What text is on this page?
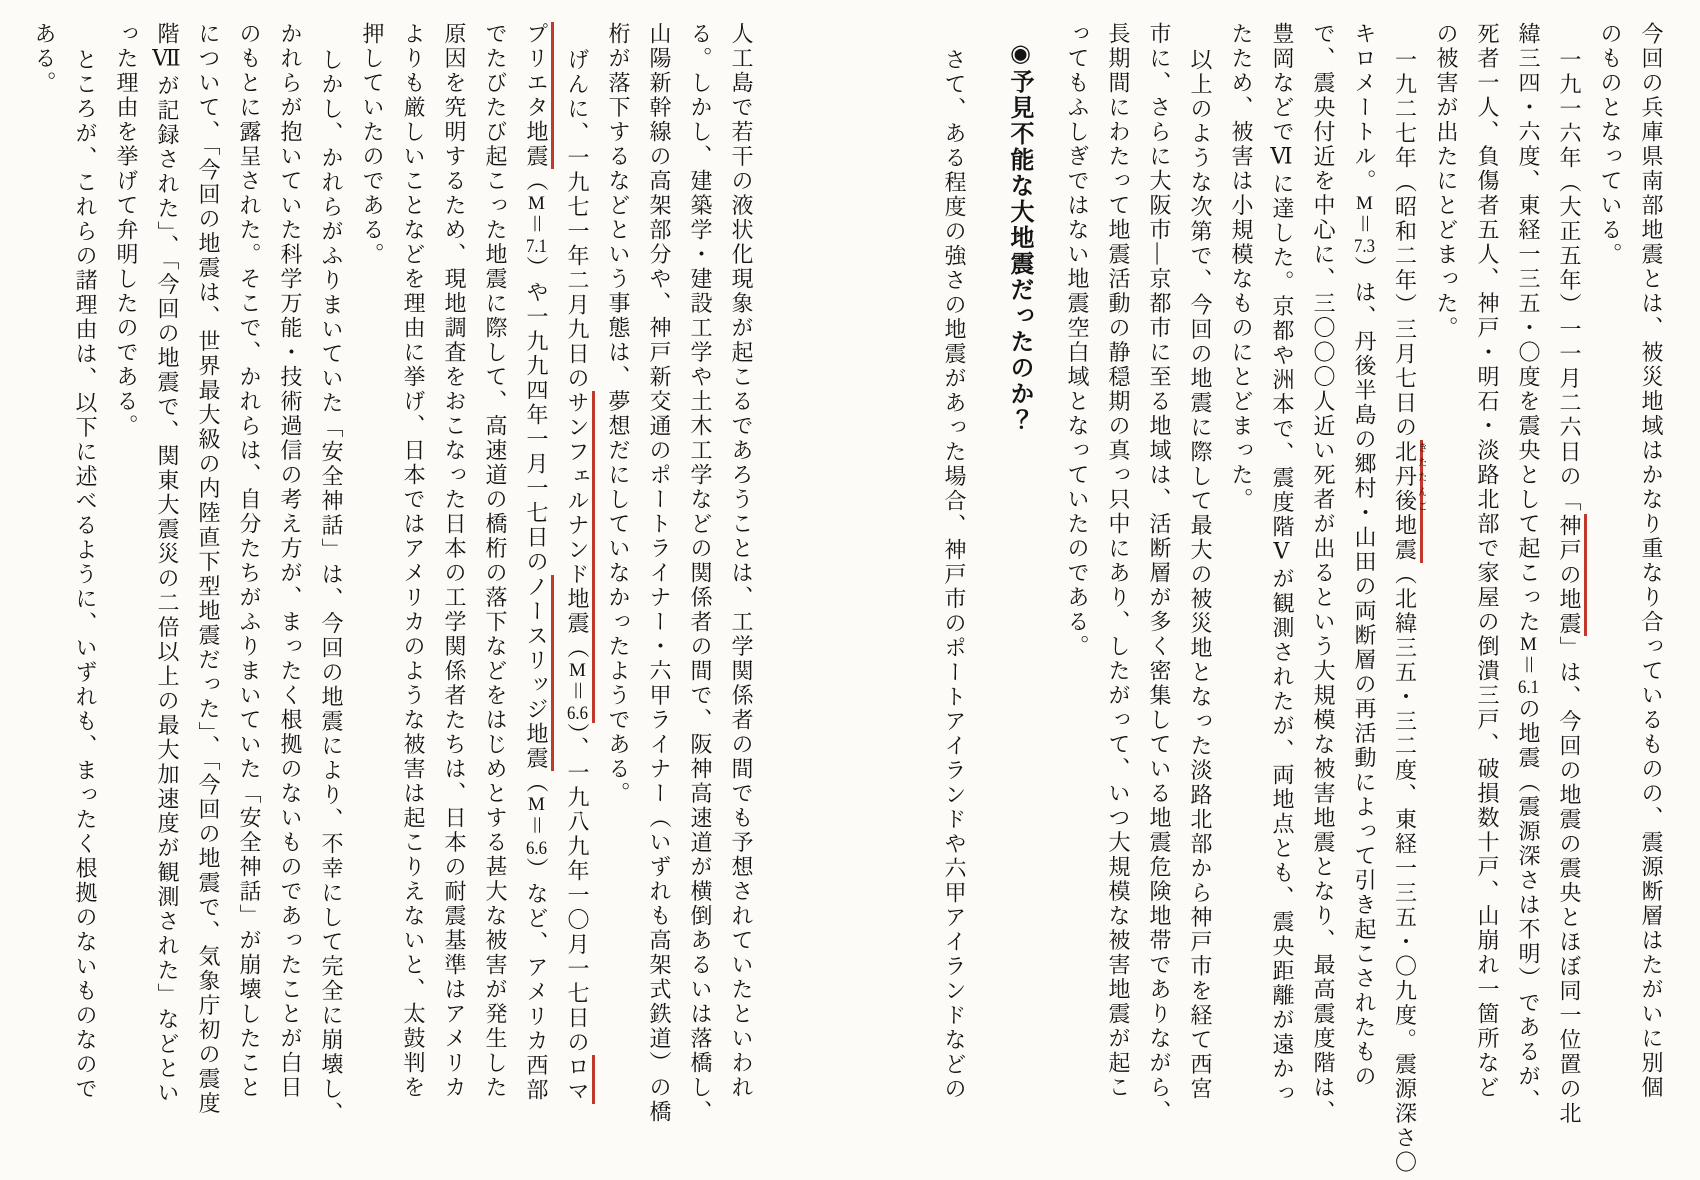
今回の兵庫県南部地震とは、被災地域はかなり重なり合っているものの、震源断層はたがいに別個
のものとなっている。
一九一六年（大正五年）一一月二六日の「神戸の地震」は、今回の地震の震央とほぼ同一位置の北
緯三四・六度、東経一三五・〇度を震央として起こったM＝6.1の地震（震源深さは不明）であるが、
死者一人、負傷者五人、神戸・明石・淡路北部で家屋の倒潰三戸、破損数十戸、山崩れ一箇所など
の被害が出たにとどまった。
一九二七年（昭和二年）三月七日の北丹後きたたんご地震（北緯三五・三二度、東経一三五・〇九度。震源深さ〇
キロメートル。M＝7.3）は、丹後半島の郷村・山田の両断層の再活動によって引き起こされたもの
で、震央付近を中心に、三〇〇〇人近い死者が出るという大規模な被害地震となり、最高震度階は、
豊岡などでⅥに達した。京都や洲本で、震度階Ⅴが観測されたが、両地点とも、震央距離が遠かっ
たため、被害は小規模なものにとどまった。
以上のような次第で、今回の地震に際して最大の被災地となった淡路北部から神戸市を経て西宮
市に、さらに大阪市―京都市に至る地域は、活断層が多く密集している地震危険地帯でありながら、
長期間にわたって地震活動の静穏期の真っ只中にあり、したがって、いつ大規模な被害地震が起こ
ってもふしぎではない地震空白域となっていたのである。
◉予見不能な大地震だったのか？
さて、ある程度の強さの地震があった場合、神戸市のポートアイランドや六甲アイランドなどの
人工島で若干の液状化現象が起こるであろうことは、工学関係者の間でも予想されていたといわれ
る。しかし、建築学・建設工学や土木工学などの関係者の間で、阪神高速道が横倒あるいは落橋し、
山陽新幹線の高架部分や、神戸新交通のポートライナー・六甲ライナー（いずれも高架式鉄道）の橋
桁が落下するなどという事態は、夢想だにしていなかったようである。
げんに、一九七一年二月九日のサンフェルナンド地震（M＝6.6）、一九八九年一〇月一七日のロマ
プリエタ地震（M＝7.1）や一九九四年一月一七日のノースリッジ地震（M＝6.6）など、アメリカ西部
でたびたび起こった地震に際して、高速道の橋桁の落下などをはじめとする甚大な被害が発生した
原因を究明するため、現地調査をおこなった日本の工学関係者たちは、日本の耐震基準はアメリカ
よりも厳しいことなどを理由に挙げ、日本ではアメリカのような被害は起こりえないと、太鼓判を
押していたのである。
しかし、かれらがふりまいていた「安全神話」は、今回の地震により、不幸にして完全に崩壊し、
かれらが抱いていた科学万能・技術過信の考え方が、まったく根拠のないものであったことが白日
のもとに露呈された。そこで、かれらは、自分たちがふりまいていた「安全神話」が崩壊したこと
について、「今回の地震は、世界最大級の内陸直下型地震だった」、「今回の地震で、気象庁初の震度
階Ⅶが記録された」、「今回の地震で、関東大震災の二倍以上の最大加速度が観測された」などとい
った理由を挙げて弁明したのである。
ところが、これらの諸理由は、以下に述べるように、いずれも、まったく根拠のないものなので
ある。
